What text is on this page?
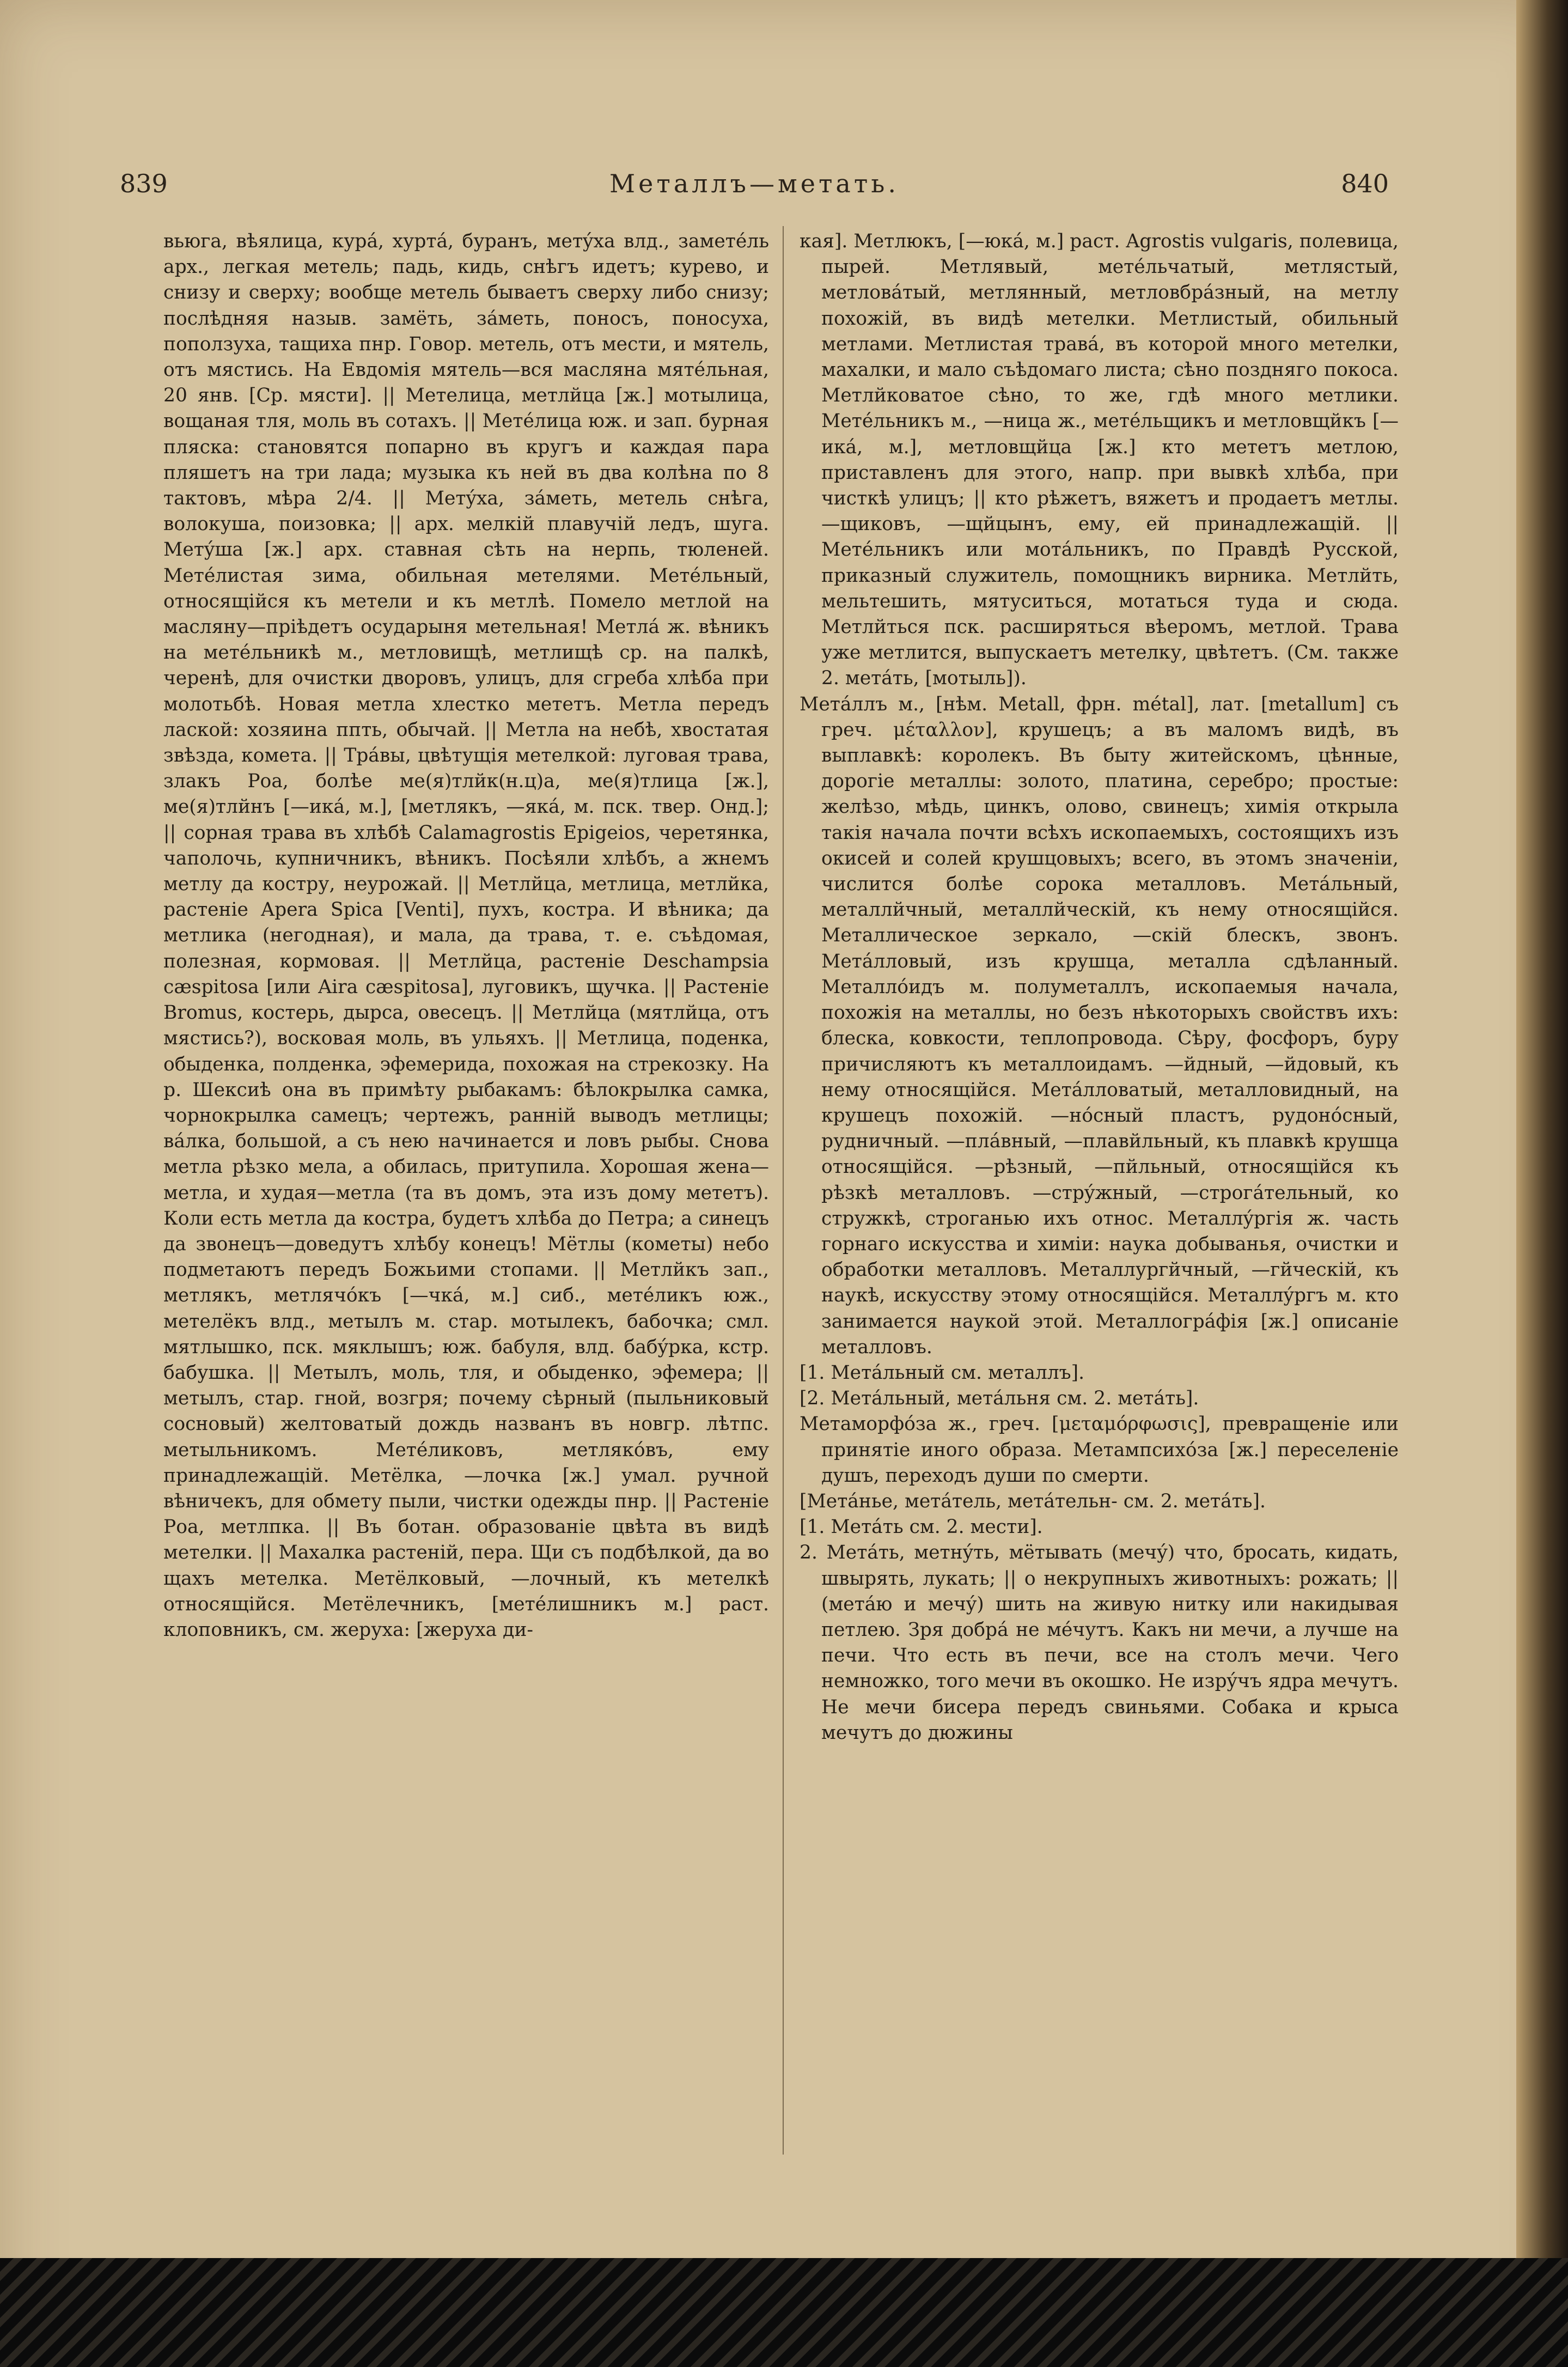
839	Металлъ—метать.	840

вьюга, вѣялица, курá, хуртá, буранъ, метýха влд., заметéль арх., легкая метель; падь, кидь, снѣгъ идетъ; курево, и снизу и сверху; вообще метель бываетъ сверху либо снизу; послѣдняя назыв. замёть, зáметь, поносъ, поносуха, поползуха, тащиха пнр. Говор. метель, отъ мести, и мятель, отъ мястись. На Евдомія мятель—вся масляна мятéльная, 20 янв. [Ср. мясти]. || Метелица, метлйца [ж.] мотылица, вощаная тля, моль въ сотахъ. || Метéлица юж. и зап. бурная пляска: становятся попарно въ кругъ и каждая пара пляшетъ на три лада; музыка къ ней въ два колѣна по 8 тактовъ, мѣра 2/4. || Метýха, зáметь, метель снѣга, волокуша, поизовка; || арх. мелкiй плавучiй ледъ, шуга. Метýша [ж.] арх. ставная сѣть на нерпь, тюленей. Метéлистая зима, обильная метелями. Метéльный, относящiйся къ метели и къ метлѣ. Помело метлой на масляну—прiѣдетъ осударыня метельная! Метлá ж. вѣникъ на метéльникѣ м., метловищѣ, метлищѣ ср. на палкѣ, черенѣ, для очистки дворовъ, улицъ, для сгреба хлѣба при молотьбѣ. Новая метла хлестко мететъ. Метла передъ лаской: хозяина ппть, обычай. || Метла на небѣ, хвостатая звѣзда, комета. || Трáвы, цвѣтущiя метелкой: луговая трава, злакъ Роа, болѣе ме(я)тлйк(н.ц)а, ме(я)тлица [ж.], ме(я)тлйнъ [—икá, м.], [метлякъ, —якá, м. пск. твер. Онд.]; || сорная трава въ хлѣбѣ Calamagrostis Epigeios, черетянка, чаполочь, купничникъ, вѣникъ. Посѣяли хлѣбъ, а жнемъ метлу да костру, неурожай. || Метлйца, метлица, метлйка, растенiе Apera Spica [Venti], пухъ, костра. И вѣника; да метлика (негодная), и мала, да трава, т. е. съѣдомая, полезная, кормовая. || Метлйца, растенiе Deschampsia cæspitosa [или Aira cæspitosa], луговикъ, щучка. || Растенiе Bromus, костерь, дырса, овесецъ. || Метлйца (мятлйца, отъ мястись?), восковая моль, въ ульяхъ. || Метлица, поденка, обыденка, полденка, эфемерида, похожая на стрекозку. На р. Шексиѣ она въ примѣту рыбакамъ: бѣлокрылка самка, чорнокрылка самецъ; чертежъ, раннiй выводъ метлицы; вáлка, большой, а съ нею начинается и ловъ рыбы. Снова метла рѣзко мела, а обилась, притупила. Хорошая жена—метла, и худая—метла (та въ домъ, эта изъ дому мететъ). Коли есть метла да костра, будетъ хлѣба до Петра; а синецъ да звонецъ—доведутъ хлѣбу конецъ! Мётлы (кометы) небо подметаютъ передъ Божьими стопами. || Метлйкъ зап., метлякъ, метлячóкъ [—чкá, м.] сиб., метéликъ юж., метелёкъ влд., метылъ м. стар. мотылекъ, бабочка; смл. мятлышко, пск. мяклышъ; юж. бабуля, влд. бабýрка, кстр. бабушка. || Метылъ, моль, тля, и обыденко, эфемера; || метылъ, стар. гной, возгря; почему сѣрный (пыльниковый сосновый) желтоватый дождь названъ въ новгр. лѣтпс. метыльникомъ. Метéликовъ, метлякóвъ, ему принадлежащiй. Метёлка, —лочка [ж.] умал. ручной вѣничекъ, для обмету пыли, чистки одежды пнр. || Растенiе Роа, метлпка. || Въ ботан. образованiе цвѣта въ видѣ метелки. || Махалка растенiй, пера. Щи съ подбѣлкой, да во щахъ метелка. Метёлковый, —лочный, къ метелкѣ относящiйся. Метёлечникъ, [метéлишникъ м.] раст. клоповникъ, см. жеруха: [жеруха ди-

кая]. Метлюкъ, [—юкá, м.] раст. Agrostis vulgaris, полевица, пырей. Метлявый, метéльчатый, метлястый, метловáтый, метлянный, метловбрáзный, на метлу похожiй, въ видѣ метелки. Метлистый, обильный метлами. Метлистая травá, въ которой много метелки, махалки, и мало съѣдомаго листа; сѣно поздняго покоса. Метлйковатое сѣно, то же, гдѣ много метлики. Метéльникъ м., —ница ж., метéльщикъ и метловщйкъ [—икá, м.], метловщйца [ж.] кто мететъ метлою, приставленъ для этого, напр. при вывкѣ хлѣба, при чисткѣ улицъ; || кто рѣжетъ, вяжетъ и продаетъ метлы. —щиковъ, —щйцынъ, ему, ей принадлежащiй. || Метéльникъ или мотáльникъ, по Правдѣ Русской, приказный служитель, помощникъ вирника. Метлйть, мельтешить, мятуситься, мотаться туда и сюда. Метлйться пск. расширяться вѣеромъ, метлой. Трава уже метлится, выпускаетъ метелку, цвѣтетъ. (См. также 2. метáть, [мотыль]).

Метáллъ м., [нѣм. Metall, фрн. métal], лат. [metallum] съ греч. μέταλλον], крушецъ; а въ маломъ видѣ, въ выплавкѣ: королекъ. Въ быту житейскомъ, цѣнные, дорогiе металлы: золото, платина, серебро; простые: желѣзо, мѣдь, цинкъ, олово, свинецъ; химiя открыла такiя начала почти всѣхъ ископаемыхъ, состоящихъ изъ окисей и солей крушцовыхъ; всего, въ этомъ значенiи, числится болѣе сорока металловъ. Метáльный, металлйчный, металлйческiй, къ нему относящiйся. Металлическое зеркало, —скiй блескъ, звонъ. Метáлловый, изъ крушца, металла сдѣланный. Металлóидъ м. полуметаллъ, ископаемыя начала, похожiя на металлы, но безъ нѣкоторыхъ свойствъ ихъ: блеска, ковкости, теплопровода. Сѣру, фосфоръ, буру причисляютъ къ металлоидамъ. —йдный, —йдовый, къ нему относящiйся. Метáлловатый, металловидный, на крушецъ похожiй. —нóсный пластъ, рудонóсный, рудничный. —плáвный, —плавйльный, къ плавкѣ крушца относящiйся. —рѣзный, —пйльный, относящiйся къ рѣзкѣ металловъ. —стрýжный, —строгáтельный, ко стружкѣ, строганью ихъ относ. Металлýргiя ж. часть горнаго искусства и химiи: наука добыванья, очистки и обработки металловъ. Металлургйчный, —гйческiй, къ наукѣ, искусству этому относящiйся. Металлýргъ м. кто занимается наукой этой. Металлогрáфiя [ж.] описанiе металловъ.

[1. Метáльный см. металлъ].

[2. Метáльный, метáльня см. 2. метáть].

Метаморфóза ж., греч. [μεταμόρφωσις], превращенiе или принятiе иного образа. Метампсихóза [ж.] переселенiе душъ, переходъ души по смерти.

[Метáнье, метáтель, метáтельн- см. 2. метáть].

[1. Метáть см. 2. мести].

2. Метáть, метнýть, мётывать (мечý) что, бросать, кидать, швырять, лукать; || о некрупныхъ животныхъ: рожать; || (метáю и мечý) шить на живую нитку или накидывая петлею. Зря добрá не мéчутъ. Какъ ни мечи, а лучше на печи. Что есть въ печи, все на столъ мечи. Чего немножко, того мечи въ окошко. Не изрýчъ ядра мечутъ. Не мечи бисера передъ свиньями. Собака и крыса мечутъ до дюжины
